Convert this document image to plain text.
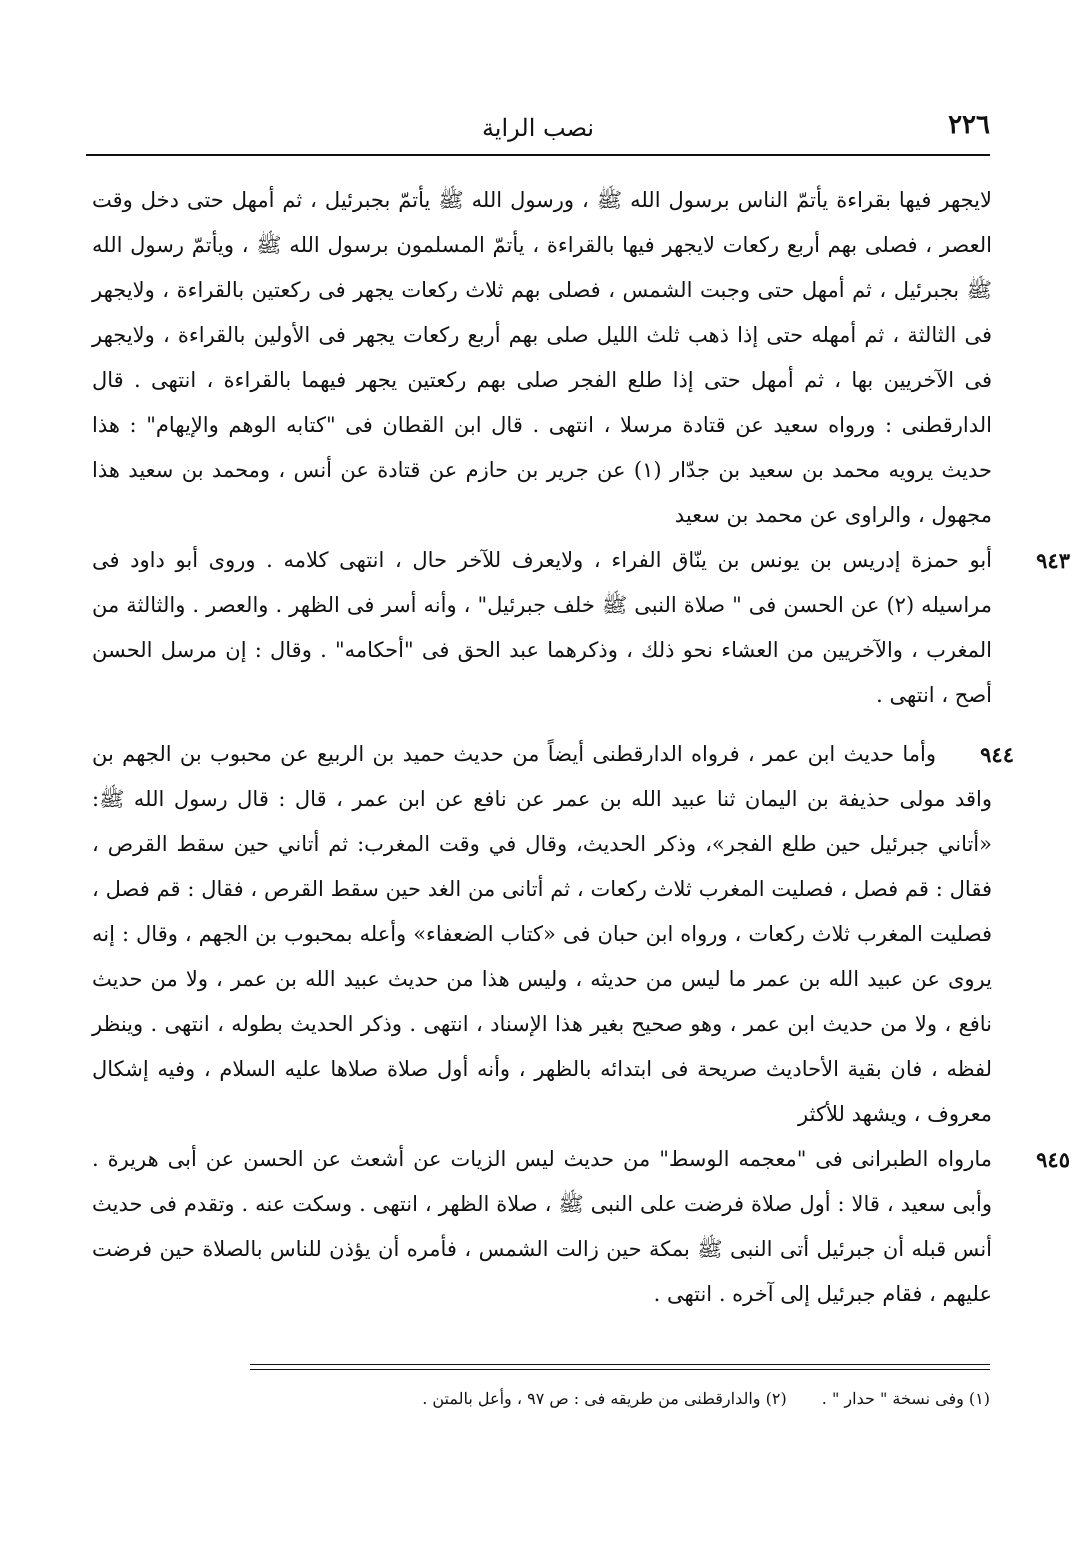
نصب الراية	٢٢٦

لايجهر فيها بقراءة يأتمّ الناس برسول الله ﷺ ، ورسول الله ﷺ يأتمّ بجبرئيل ، ثم أمهل حتى دخل وقت العصر ، فصلى بهم أربع ركعات لايجهر فيها بالقراءة ، يأتمّ المسلمون برسول الله ﷺ ، ويأتمّ رسول الله ﷺ بجبرئيل ، ثم أمهل حتى وجبت الشمس ، فصلى بهم ثلاث ركعات يجهر فى ركعتين بالقراءة ، ولايجهر فى الثالثة ، ثم أمهله حتى إذا ذهب ثلث الليل صلى بهم أربع ركعات يجهر فى الأولين بالقراءة ، ولايجهر فى الآخريين بها ، ثم أمهل حتى إذا طلع الفجر صلى بهم ركعتين يجهر فيهما بالقراءة ، انتهى . قال الدارقطنى : ورواه سعيد عن قتادة مرسلا ، انتهى . قال ابن القطان فى "كتابه الوهم والإيهام" : هذا حديث يرويه محمد بن سعيد بن جدّار (١) عن جرير بن حازم عن قتادة عن أنس ، ومحمد بن سعيد هذا مجهول ، والراوى عن محمد بن سعيد

٩٤٣
أبو حمزة إدريس بن يونس بن ينّاق الفراء ، ولايعرف للآخر حال ، انتهى كلامه . وروى أبو داود فى مراسيله (٢) عن الحسن فى " صلاة النبى ﷺ خلف جبرئيل" ، وأنه أسر فى الظهر . والعصر . والثالثة من المغرب ، والآخريين من العشاء نحو ذلك ، وذكرهما عبد الحق فى "أحكامه" . وقال : إن مرسل الحسن أصح ، انتهى .

٩٤٤
وأما حديث ابن عمر ، فرواه الدارقطنى أيضاً من حديث حميد بن الربيع عن محبوب بن الجهم بن واقد مولى حذيفة بن اليمان ثنا عبيد الله بن عمر عن نافع عن ابن عمر ، قال : قال رسول الله ﷺ: «أتاني جبرئيل حين طلع الفجر»، وذكر الحديث، وقال في وقت المغرب: ثم أتاني حين سقط القرص ، فقال : قم فصل ، فصليت المغرب ثلاث ركعات ، ثم أتانى من الغد حين سقط القرص ، فقال : قم فصل ، فصليت المغرب ثلاث ركعات ، ورواه ابن حبان فى «كتاب الضعفاء» وأعله بمحبوب بن الجهم ، وقال : إنه يروى عن عبيد الله بن عمر ما ليس من حديثه ، وليس هذا من حديث عبيد الله بن عمر ، ولا من حديث نافع ، ولا من حديث ابن عمر ، وهو صحيح بغير هذا الإسناد ، انتهى . وذكر الحديث بطوله ، انتهى . وينظر لفظه ، فان بقية الأحاديث صريحة فى ابتدائه بالظهر ، وأنه أول صلاة صلاها عليه السلام ، وفيه إشكال معروف ، ويشهد للأكثر

٩٤٥
مارواه الطبرانى فى "معجمه الوسط" من حديث ليس الزيات عن أشعث عن الحسن عن أبى هريرة . وأبى سعيد ، قالا : أول صلاة فرضت على النبى ﷺ ، صلاة الظهر ، انتهى . وسكت عنه . وتقدم فى حديث أنس قبله أن جبرئيل أتى النبى ﷺ بمكة حين زالت الشمس ، فأمره أن يؤذن للناس بالصلاة حين فرضت عليهم ، فقام جبرئيل إلى آخره . انتهى .

(١) وفى نسخة " حدار " . (٢) والدارقطنى من طريقه فى : ص ٩٧ ، وأعل بالمتن .
